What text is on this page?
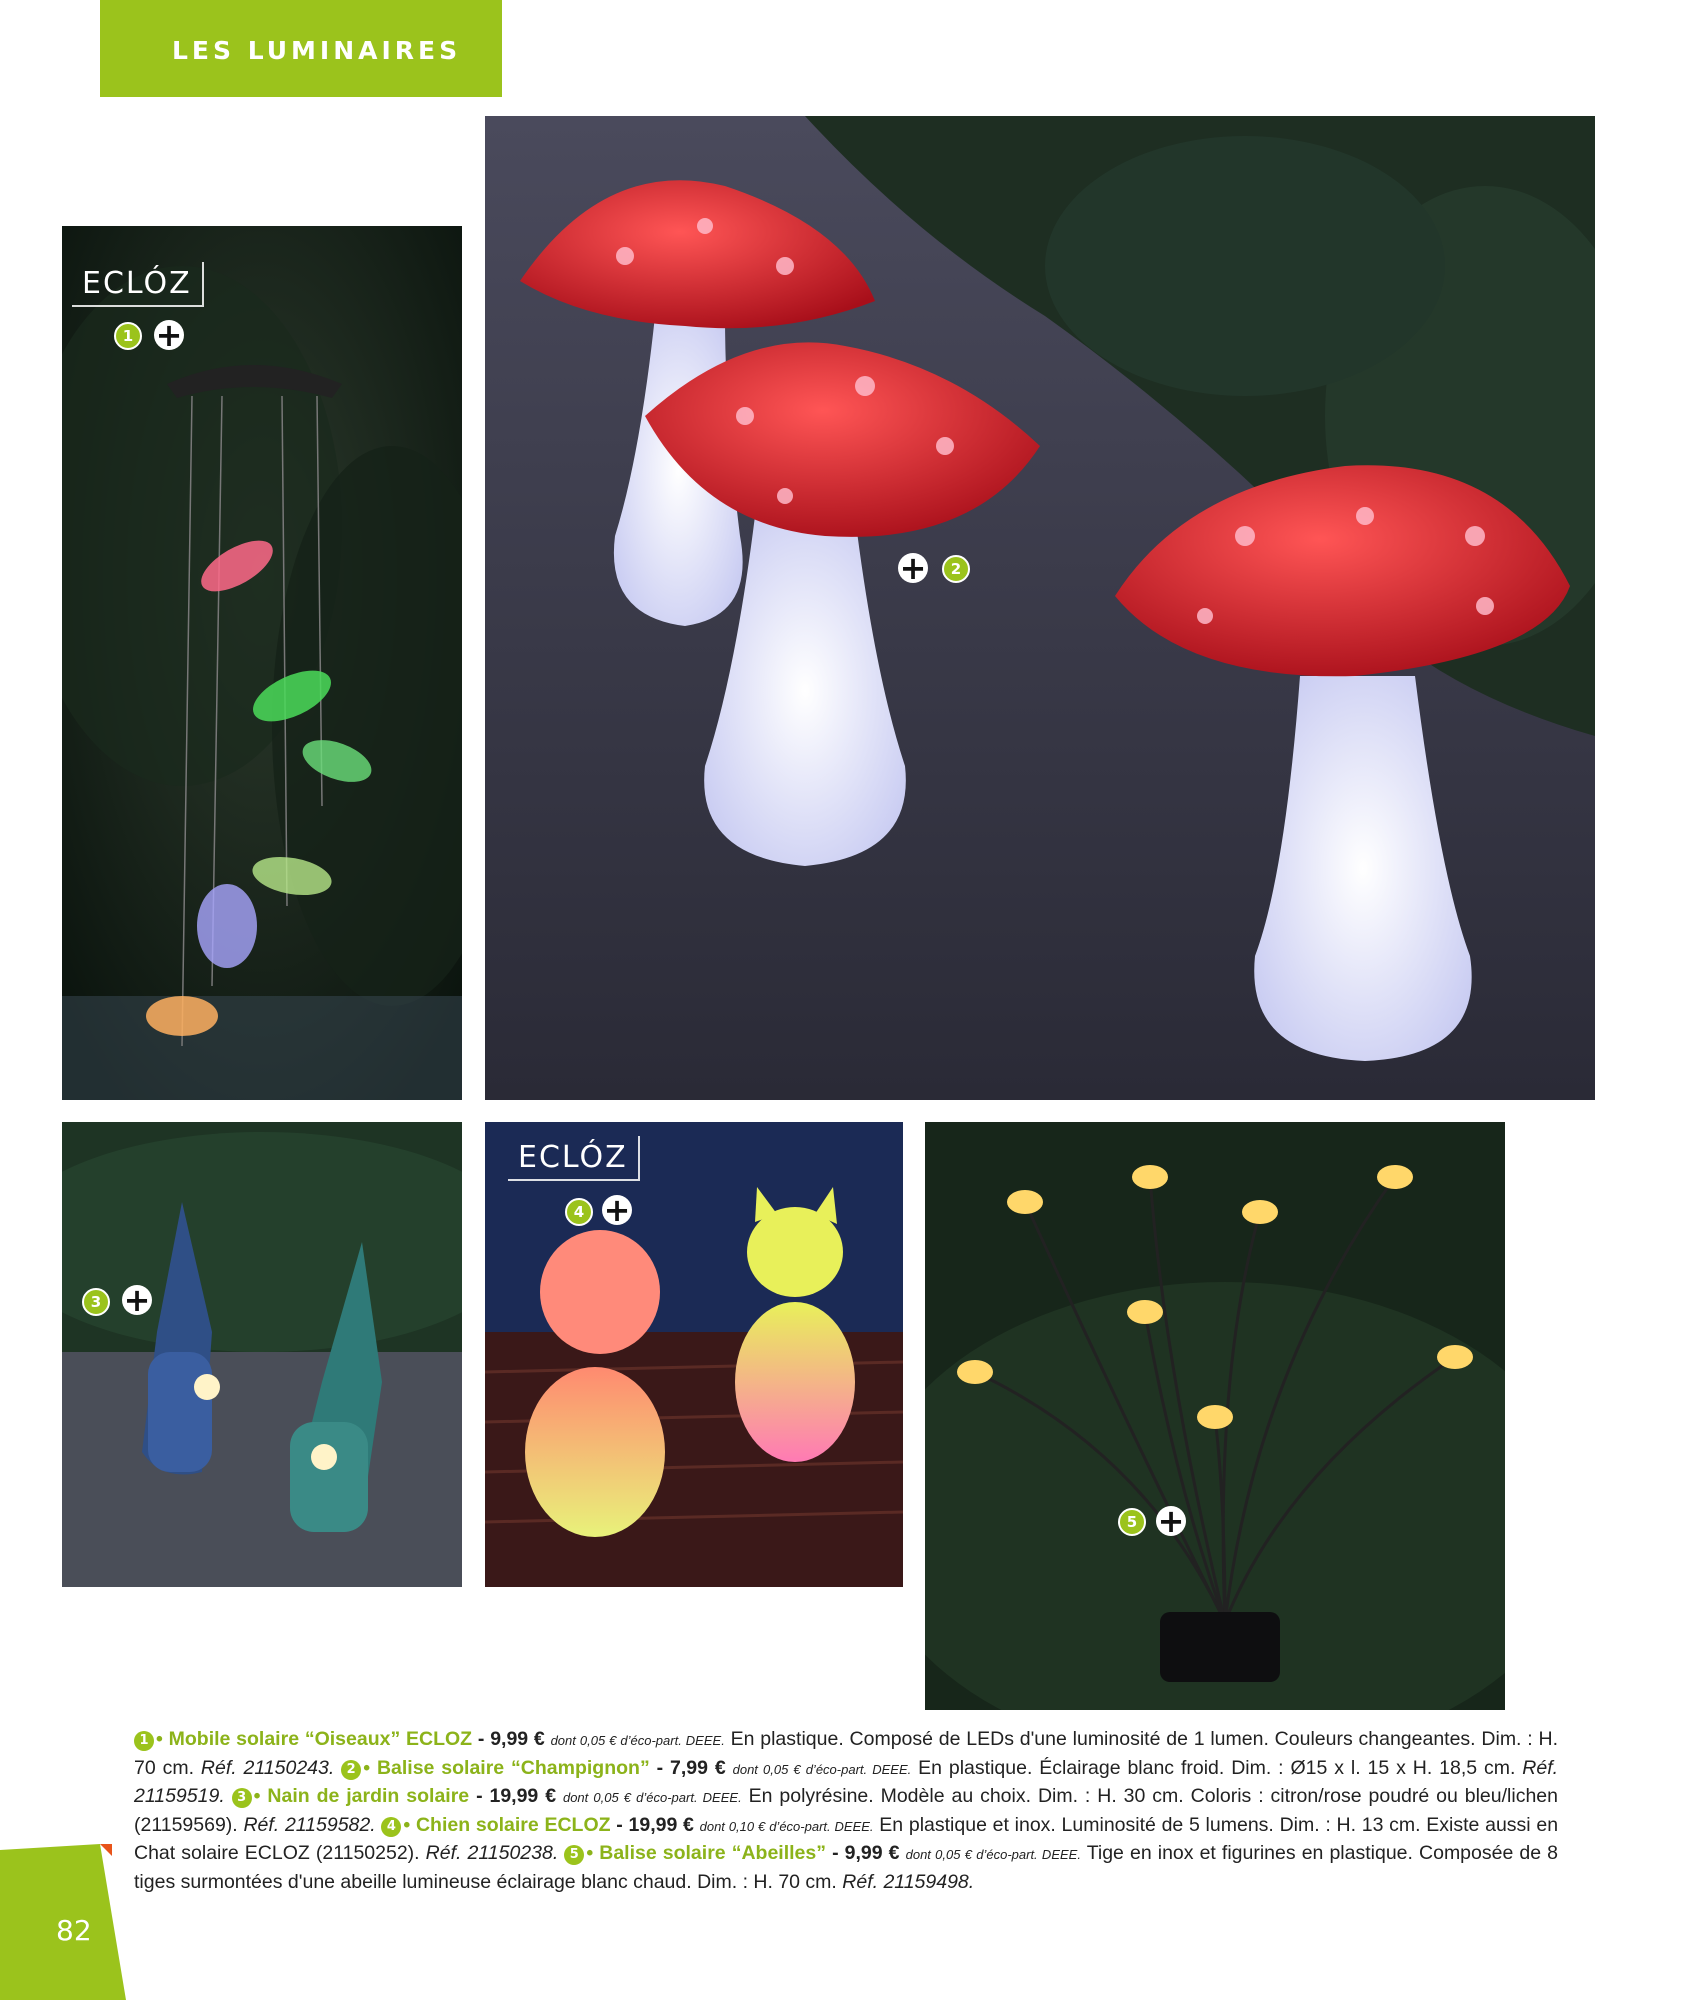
LES LUMINAIRES
ECLÓZ
1 +
+	2
3 +
ECLÓZ
4 +
5 +
1 • Mobile solaire “Oiseaux” ECLOZ - 9,99 € dont 0,05 € d’éco-part. DEEE. En plastique. Composé de LEDs d'une luminosité de 1 lumen. Couleurs changeantes. Dim. : H. 70 cm. Réf. 21150243. 2 • Balise solaire “Champignon” - 7,99 € dont 0,05 € d’éco-part. DEEE. En plastique. Éclairage blanc froid. Dim. : Ø15 x l. 15 x H. 18,5 cm. Réf. 21159519. 3 • Nain de jardin solaire - 19,99 € dont 0,05 € d’éco-part. DEEE. En polyrésine. Modèle au choix. Dim. : H. 30 cm. Coloris : citron/rose poudré ou bleu/lichen (21159569). Réf. 21159582. 4 • Chien solaire ECLOZ - 19,99 € dont 0,10 € d’éco-part. DEEE. En plastique et inox. Luminosité de 5 lumens. Dim. : H. 13 cm. Existe aussi en Chat solaire ECLOZ (21150252). Réf. 21150238. 5 • Balise solaire “Abeilles” - 9,99 € dont 0,05 € d’éco-part. DEEE. Tige en inox et figurines en plastique. Composée de 8 tiges surmontées d'une abeille lumineuse éclairage blanc chaud. Dim. : H. 70 cm. Réf. 21159498.
82
